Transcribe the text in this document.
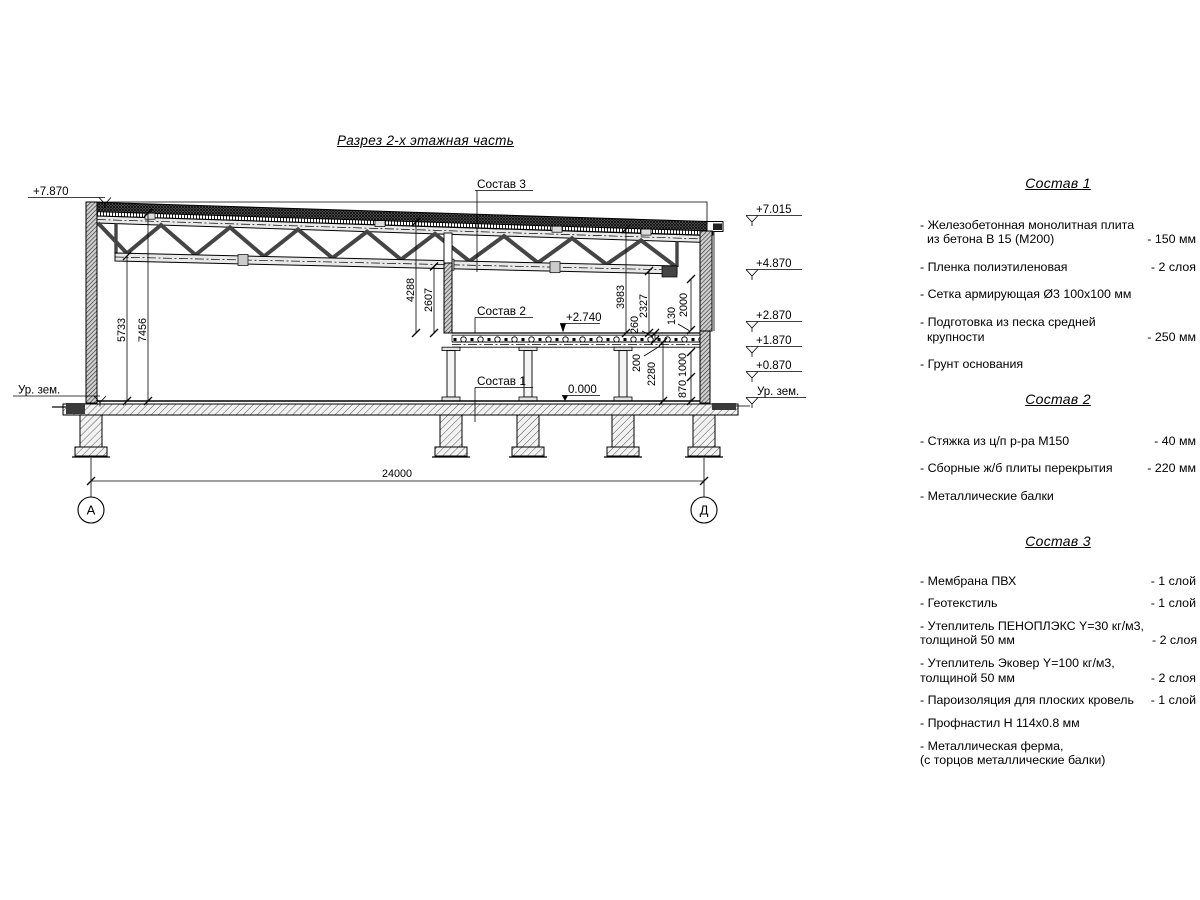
Разрез 2-х этажная часть
5733 7456
4288 2607	3983 2327
260 130 2000
200 2280 1000
870
24000
+7.870
Ур. зем.
+7.015
+4.870
+2.870
+1.870
+0.870
Ур. зем.
+2.740
0.000
Состав 3
Состав 2
Состав 1
А	Д
Состав 1
- Железобетонная монолитная плита
из бетона В 15 (М200)	- 150 мм
- Пленка полиэтиленовая	- 2 слоя
- Сетка армирующая Ø3 100x100 мм
- Подготовка из песка средней
крупности	- 250 мм
- Грунт основания
Состав 2
- Стяжка из ц/п р-ра М150	- 40 мм
- Сборные ж/б плиты перекрытия	- 220 мм
- Металлические балки
Состав 3
- Мембрана ПВХ	- 1 слой
- Геотекстиль	- 1 слой
- Утеплитель ПЕНОПЛЭКС Y=30 кг/м3,
толщиной 50 мм	- 2 слоя
- Утеплитель Эковер Y=100 кг/м3,
толщиной 50 мм	- 2 слоя
- Пароизоляция для плоских кровель	- 1 слой
- Профнастил Н 114x0.8 мм
- Металлическая ферма,
(с торцов металлические балки)
